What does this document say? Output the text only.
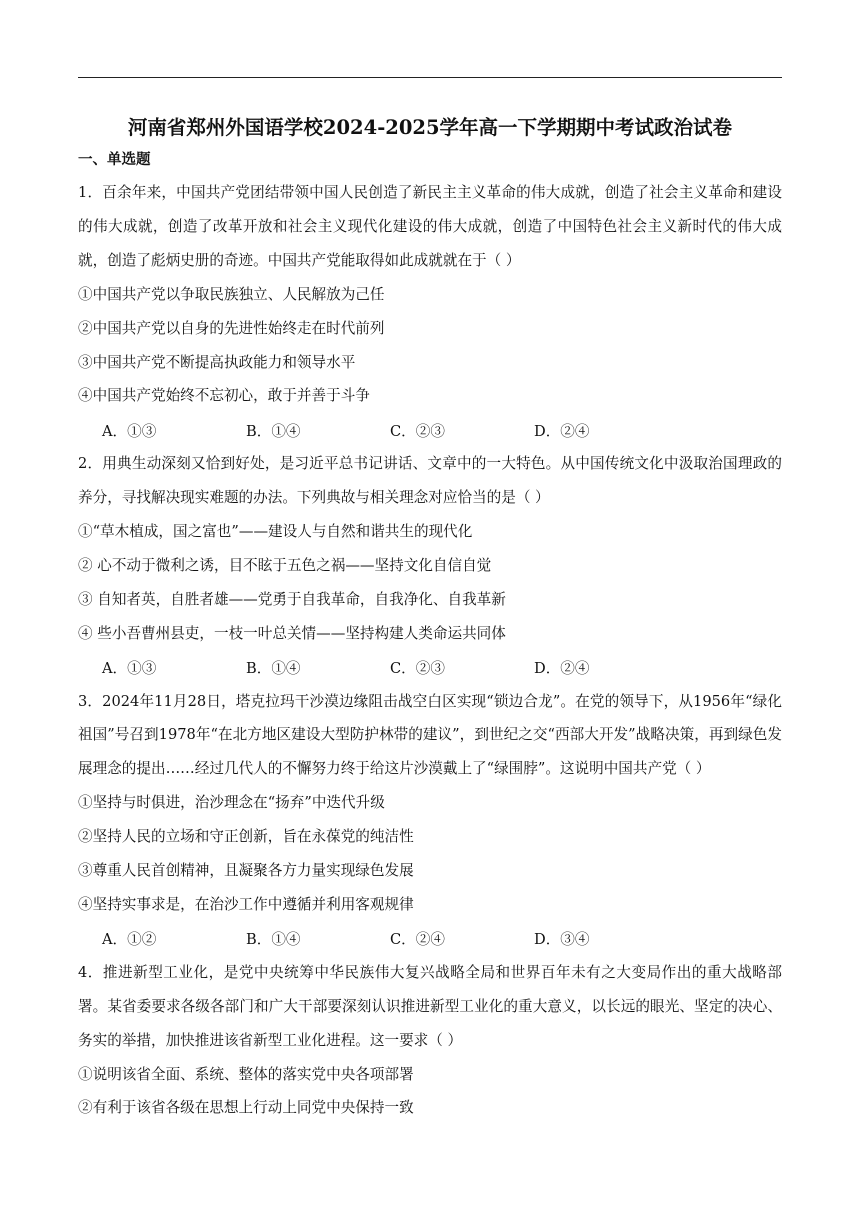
河南省郑州外国语学校2024-2025学年高一下学期期中考试政治试卷
一、单选题

1．百余年来，中国共产党团结带领中国人民创造了新民主主义革命的伟大成就，创造了社会主义革命和建设的伟大成就，创造了改革开放和社会主义现代化建设的伟大成就，创造了中国特色社会主义新时代的伟大成就，创造了彪炳史册的奇迹。中国共产党能取得如此成就就在于（ ）

①中国共产党以争取民族独立、人民解放为己任

②中国共产党以自身的先进性始终走在时代前列

③中国共产党不断提高执政能力和领导水平

④中国共产党始终不忘初心，敢于并善于斗争

A．①③	B．①④	C．②③	D．②④

2．用典生动深刻又恰到好处，是习近平总书记讲话、文章中的一大特色。从中国传统文化中汲取治国理政的养分，寻找解决现实难题的办法。下列典故与相关理念对应恰当的是（ ）

①“草木植成，国之富也”——建设人与自然和谐共生的现代化

② 心不动于微利之诱，目不眩于五色之祸——坚持文化自信自觉

③ 自知者英，自胜者雄——党勇于自我革命，自我净化、自我革新

④ 些小吾曹州县吏，一枝一叶总关情——坚持构建人类命运共同体

A．①③	B．①④	C．②③	D．②④

3．2024年11月28日，塔克拉玛干沙漠边缘阻击战空白区实现“锁边合龙”。在党的领导下，从1956年“绿化祖国”号召到1978年“在北方地区建设大型防护林带的建议”，到世纪之交“西部大开发”战略决策，再到绿色发展理念的提出……经过几代人的不懈努力终于给这片沙漠戴上了“绿围脖”。这说明中国共产党（ ）

①坚持与时俱进，治沙理念在“扬弃”中迭代升级

②坚持人民的立场和守正创新，旨在永葆党的纯洁性

③尊重人民首创精神，且凝聚各方力量实现绿色发展

④坚持实事求是，在治沙工作中遵循并利用客观规律

A．①②	B．①④	C．②④	D．③④

4．推进新型工业化，是党中央统筹中华民族伟大复兴战略全局和世界百年未有之大变局作出的重大战略部署。某省委要求各级各部门和广大干部要深刻认识推进新型工业化的重大意义，以长远的眼光、坚定的决心、务实的举措，加快推进该省新型工业化进程。这一要求（ ）

①说明该省全面、系统、整体的落实党中央各项部署

②有利于该省各级在思想上行动上同党中央保持一致
